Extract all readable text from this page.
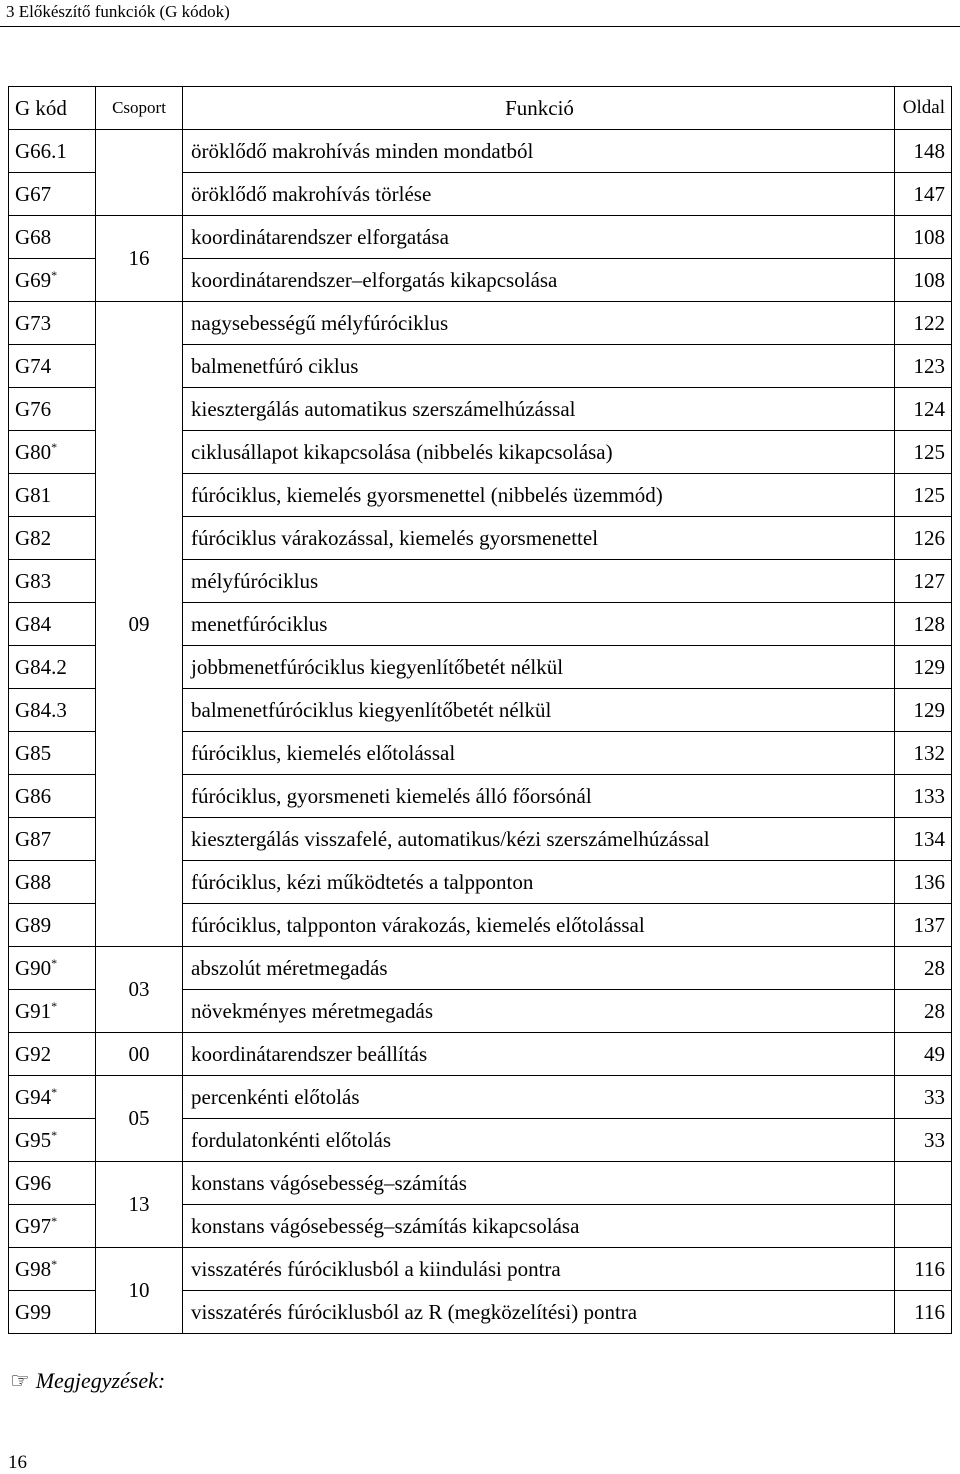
3 Előkészítő funkciók (G kódok)
G kód	Csoport	Funkció	Oldal
G66.1		öröklődő makrohívás minden mondatból	148
G67		öröklődő makrohívás törlése	147
G68	16	koordinátarendszer elforgatása	108
G69*		koordinátarendszer–elforgatás kikapcsolása	108
G73	09	nagysebességű mélyfúróciklus	122
G74		balmenetfúró ciklus	123
G76		kiesztergálás automatikus szerszámelhúzással	124
G80*		ciklusállapot kikapcsolása (nibbelés kikapcsolása)	125
G81		fúróciklus, kiemelés gyorsmenettel (nibbelés üzemmód)	125
G82		fúróciklus várakozással, kiemelés gyorsmenettel	126
G83		mélyfúróciklus	127
G84		menetfúróciklus	128
G84.2		jobbmenetfúróciklus kiegyenlítőbetét nélkül	129
G84.3		balmenetfúróciklus kiegyenlítőbetét nélkül	129
G85		fúróciklus, kiemelés előtolással	132
G86		fúróciklus, gyorsmeneti kiemelés álló főorsónál	133
G87		kiesztergálás visszafelé, automatikus/kézi szerszámelhúzással	134
G88		fúróciklus, kézi működtetés a talpponton	136
G89		fúróciklus, talpponton várakozás, kiemelés előtolással	137
G90*	03	abszolút méretmegadás	28
G91*		növekményes méretmegadás	28
G92	00	koordinátarendszer beállítás	49
G94*	05	percenkénti előtolás	33
G95*		fordulatonkénti előtolás	33
G96	13	konstans vágósebesség–számítás	
G97*		konstans vágósebesség–számítás kikapcsolása	
G98*	10	visszatérés fúróciklusból a kiindulási pontra	116
G99		visszatérés fúróciklusból az R (megközelítési) pontra	116
☞ Megjegyzések:
16
